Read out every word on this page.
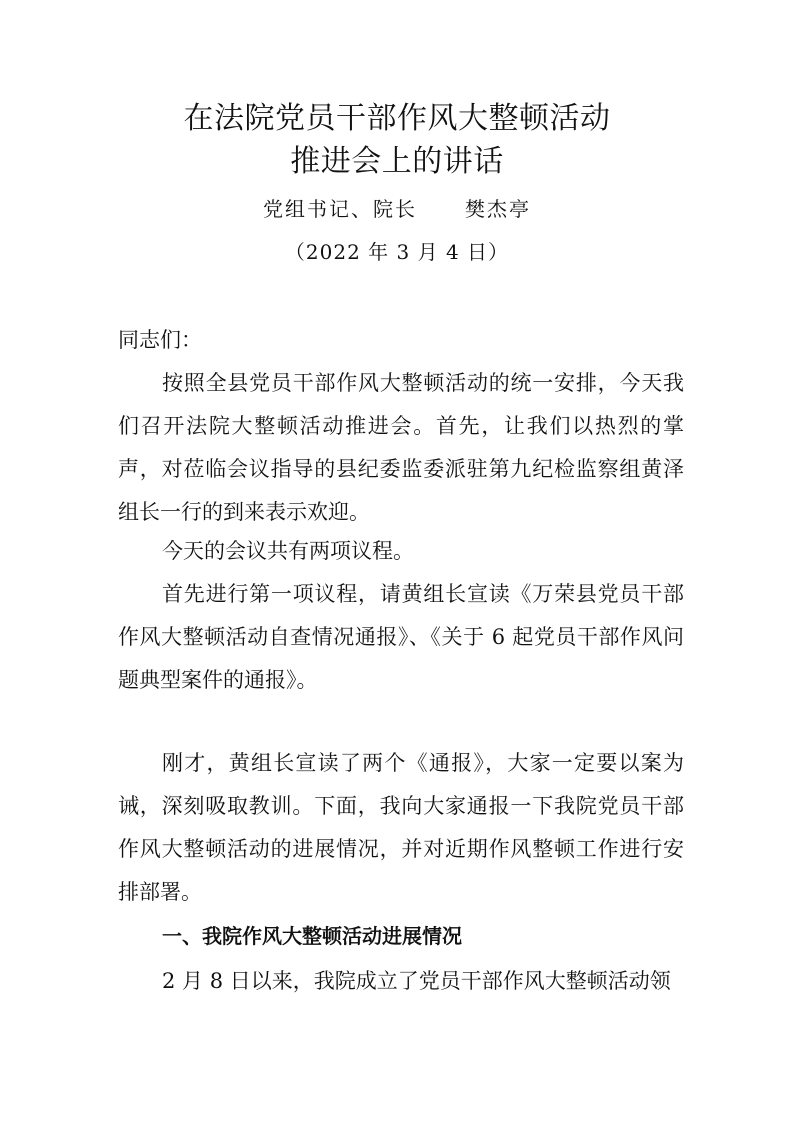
在法院党员干部作风大整顿活动
推进会上的讲话
党组书记、院长 樊杰亭
（2022 年 3 月 4 日）

同志们：

按照全县党员干部作风大整顿活动的统一安排，今天我们召开法院大整顿活动推进会。首先，让我们以热烈的掌声，对莅临会议指导的县纪委监委派驻第九纪检监察组黄泽组长一行的到来表示欢迎。

今天的会议共有两项议程。

首先进行第一项议程，请黄组长宣读《万荣县党员干部作风大整顿活动自查情况通报》、《关于 6 起党员干部作风问题典型案件的通报》。

刚才，黄组长宣读了两个《通报》，大家一定要以案为诫，深刻吸取教训。下面，我向大家通报一下我院党员干部作风大整顿活动的进展情况，并对近期作风整顿工作进行安排部署。

一、我院作风大整顿活动进展情况

2 月 8 日以来，我院成立了党员干部作风大整顿活动领
